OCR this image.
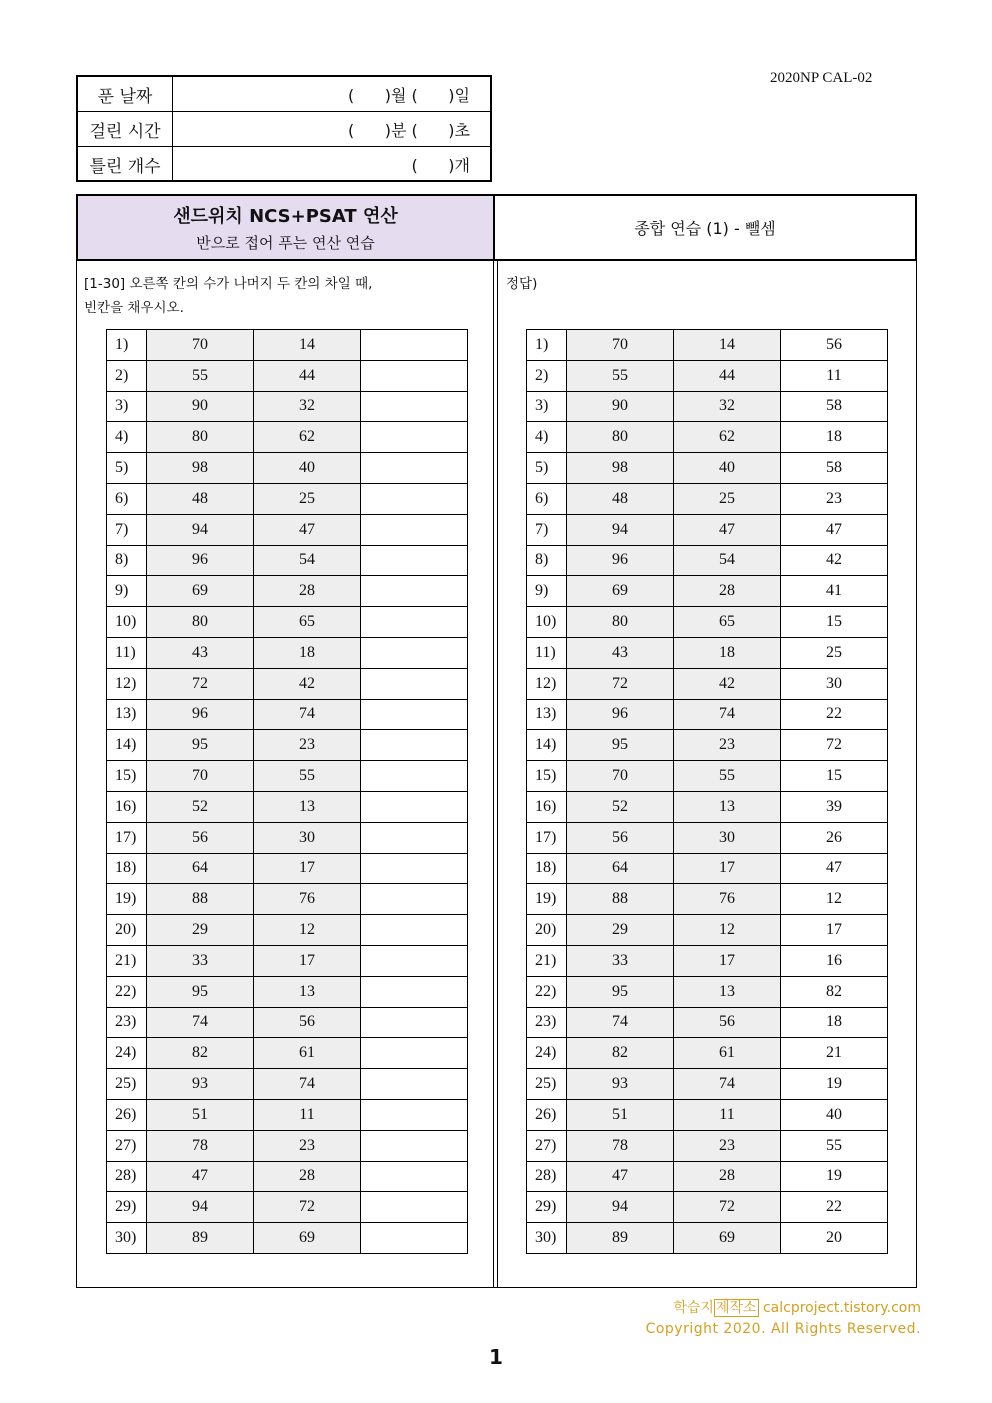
2020NP CAL-02
푼 날짜	(      )월 (      )일
걸린 시간	(      )분 (      )초
틀린 개수	(      )개
샌드위치 NCS+PSAT 연산
반으로 접어 푸는 연산 연습
종합 연습 (1) - 뺄셈
[1-30] 오른쪽 칸의 수가 나머지 두 칸의 차일 때,
빈칸을 채우시오.
정답)
1)	70	14	
2)	55	44	
3)	90	32	
4)	80	62	
5)	98	40	
6)	48	25	
7)	94	47	
8)	96	54	
9)	69	28	
10)	80	65	
11)	43	18	
12)	72	42	
13)	96	74	
14)	95	23	
15)	70	55	
16)	52	13	
17)	56	30	
18)	64	17	
19)	88	76	
20)	29	12	
21)	33	17	
22)	95	13	
23)	74	56	
24)	82	61	
25)	93	74	
26)	51	11	
27)	78	23	
28)	47	28	
29)	94	72	
30)	89	69	
1)	70	14	56
2)	55	44	11
3)	90	32	58
4)	80	62	18
5)	98	40	58
6)	48	25	23
7)	94	47	47
8)	96	54	42
9)	69	28	41
10)	80	65	15
11)	43	18	25
12)	72	42	30
13)	96	74	22
14)	95	23	72
15)	70	55	15
16)	52	13	39
17)	56	30	26
18)	64	17	47
19)	88	76	12
20)	29	12	17
21)	33	17	16
22)	95	13	82
23)	74	56	18
24)	82	61	21
25)	93	74	19
26)	51	11	40
27)	78	23	55
28)	47	28	19
29)	94	72	22
30)	89	69	20
학습지 제작소 calcproject.tistory.com
Copyright 2020. All Rights Reserved.
1
